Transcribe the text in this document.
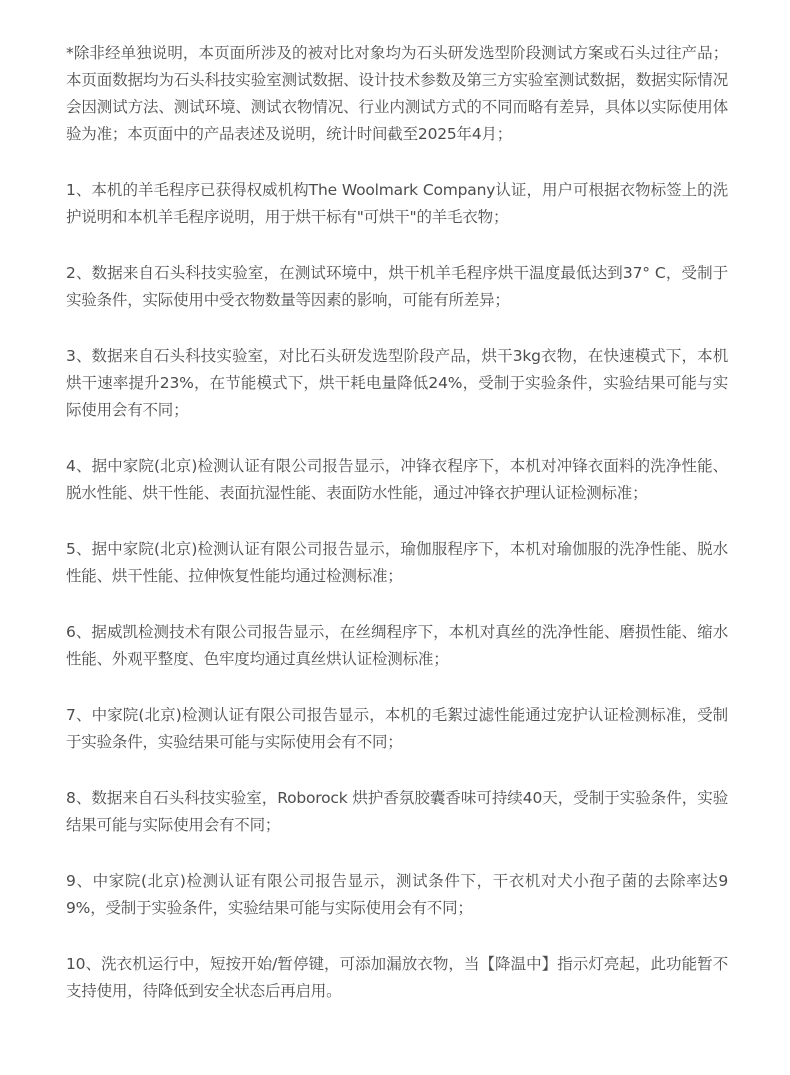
*除非经单独说明，本页面所涉及的被对比对象均为石头研发选型阶段测试方案或石头过往产品；本页面数据均为石头科技实验室测试数据、设计技术参数及第三方实验室测试数据，数据实际情况会因测试方法、测试环境、测试衣物情况、行业内测试方式的不同而略有差异，具体以实际使用体验为准；本页面中的产品表述及说明，统计时间截至2025年4月；
1、本机的羊毛程序已获得权威机构The Woolmark Company认证，用户可根据衣物标签上的洗护说明和本机羊毛程序说明，用于烘干标有"可烘干"的羊毛衣物；
2、数据来自石头科技实验室，在测试环境中，烘干机羊毛程序烘干温度最低达到37° C，受制于实验条件，实际使用中受衣物数量等因素的影响，可能有所差异；
3、数据来自石头科技实验室，对比石头研发选型阶段产品，烘干3kg衣物，在快速模式下，本机烘干速率提升23%，在节能模式下，烘干耗电量降低24%，受制于实验条件，实验结果可能与实际使用会有不同；
4、据中家院(北京)检测认证有限公司报告显示，冲锋衣程序下，本机对冲锋衣面料的洗净性能、脱水性能、烘干性能、表面抗湿性能、表面防水性能，通过冲锋衣护理认证检测标准；
5、据中家院(北京)检测认证有限公司报告显示，瑜伽服程序下，本机对瑜伽服的洗净性能、脱水性能、烘干性能、拉伸恢复性能均通过检测标准；
6、据威凯检测技术有限公司报告显示，在丝绸程序下，本机对真丝的洗净性能、磨损性能、缩水性能、外观平整度、色牢度均通过真丝烘认证检测标准；
7、中家院(北京)检测认证有限公司报告显示，本机的毛絮过滤性能通过宠护认证检测标准，受制于实验条件，实验结果可能与实际使用会有不同；
8、数据来自石头科技实验室，Roborock 烘护香氛胶囊香味可持续40天，受制于实验条件，实验结果可能与实际使用会有不同；
9、中家院(北京)检测认证有限公司报告显示，测试条件下，干衣机对犬小孢子菌的去除率达99%，受制于实验条件，实验结果可能与实际使用会有不同；
10、洗衣机运行中，短按开始/暂停键，可添加漏放衣物，当【降温中】指示灯亮起，此功能暂不支持使用，待降低到安全状态后再启用。
